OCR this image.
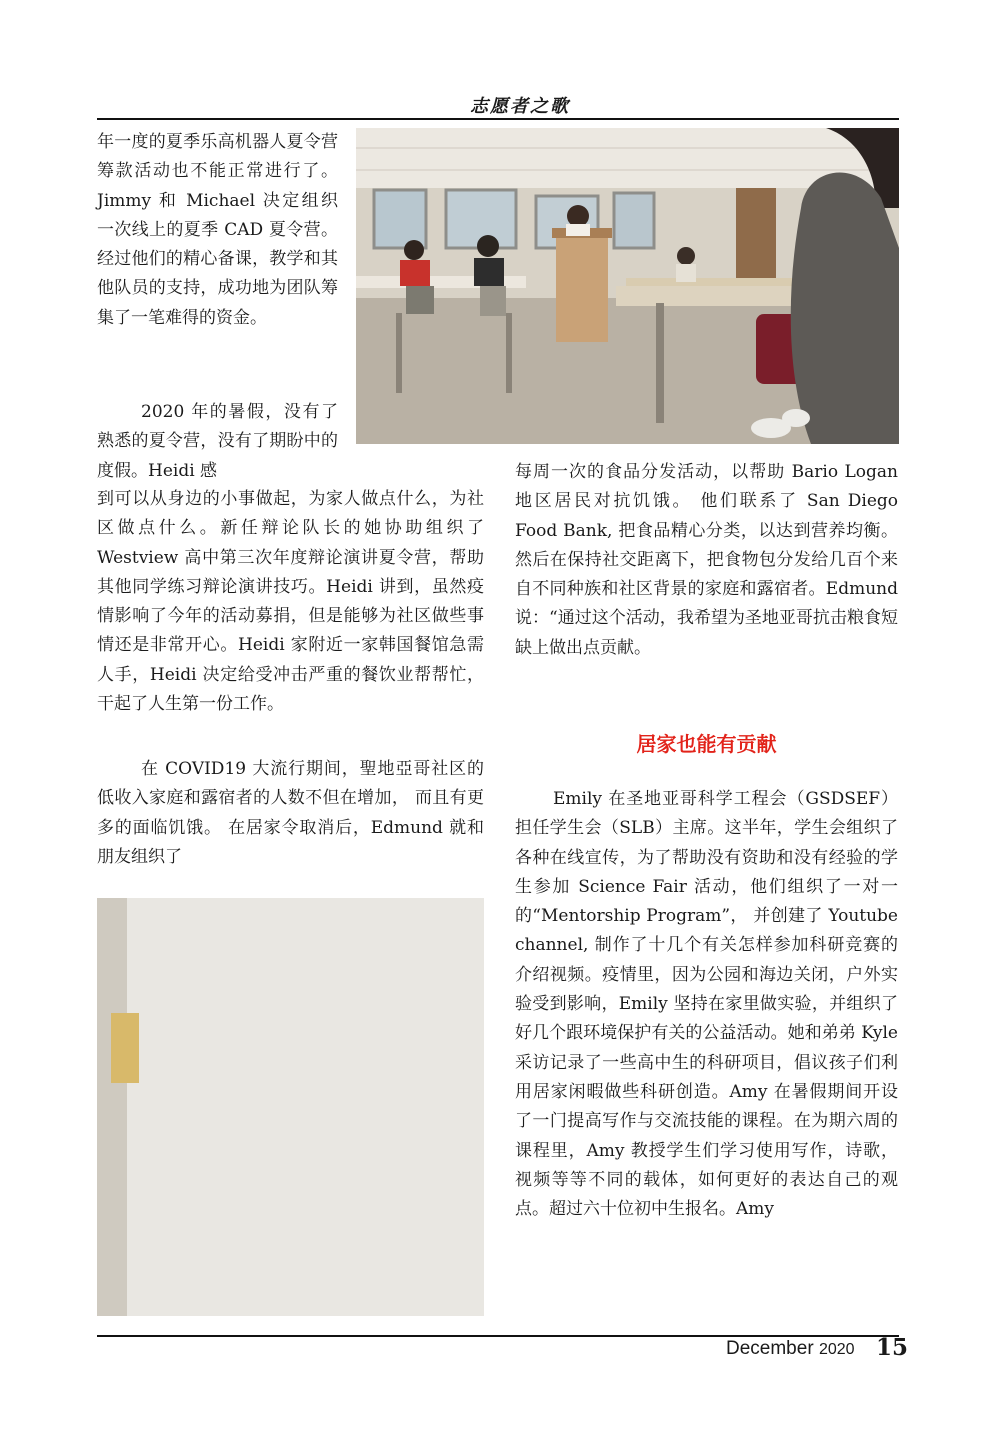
志愿者之歌

年一度的夏季乐高机器人夏令营筹款活动也不能正常进行了。Jimmy 和 Michael 决定组织一次线上的夏季 CAD 夏令营。经过他们的精心备课，教学和其他队员的支持，成功地为团队筹集了一笔难得的资金。

2020 年的暑假，没有了熟悉的夏令营，没有了期盼中的度假。Heidi 感

到可以从身边的小事做起，为家人做点什么，为社区做点什么。新任辩论队长的她协助组织了 Westview 高中第三次年度辩论演讲夏令营，帮助其他同学练习辩论演讲技巧。Heidi 讲到，虽然疫情影响了今年的活动募捐，但是能够为社区做些事情还是非常开心。Heidi 家附近一家韩国餐馆急需人手，Heidi 决定给受冲击严重的餐饮业帮帮忙，干起了人生第一份工作。

在 COVID19 大流行期间，聖地亞哥社区的低收入家庭和露宿者的人数不但在增加， 而且有更多的面临饥饿。 在居家令取消后，Edmund 就和朋友组织了

每周一次的食品分发活动，以帮助 Bario Logan 地区居民对抗饥饿。 他们联系了 San Diego Food Bank, 把食品精心分类，以达到营养均衡。然后在保持社交距离下，把食物包分发给几百个来自不同种族和社区背景的家庭和露宿者。Edmund 说：“通过这个活动，我希望为圣地亚哥抗击粮食短缺上做出点贡献。

居家也能有贡献

Emily 在圣地亚哥科学工程会（GSDSEF） 担任学生会（SLB）主席。这半年，学生会组织了各种在线宣传，为了帮助没有资助和没有经验的学生参加 Science Fair 活动，他们组织了一对一的“Mentorship Program”， 并创建了 Youtube channel, 制作了十几个有关怎样参加科研竞赛的介绍视频。疫情里，因为公园和海边关闭，户外实验受到影响，Emily 坚持在家里做实验，并组织了好几个跟环境保护有关的公益活动。她和弟弟 Kyle 采访记录了一些高中生的科研项目，倡议孩子们利用居家闲暇做些科研创造。Amy 在暑假期间开设了一门提高写作与交流技能的课程。在为期六周的课程里，Amy 教授学生们学习使用写作，诗歌，视频等等不同的载体，如何更好的表达自己的观点。超过六十位初中生报名。Amy

December 2020 15
